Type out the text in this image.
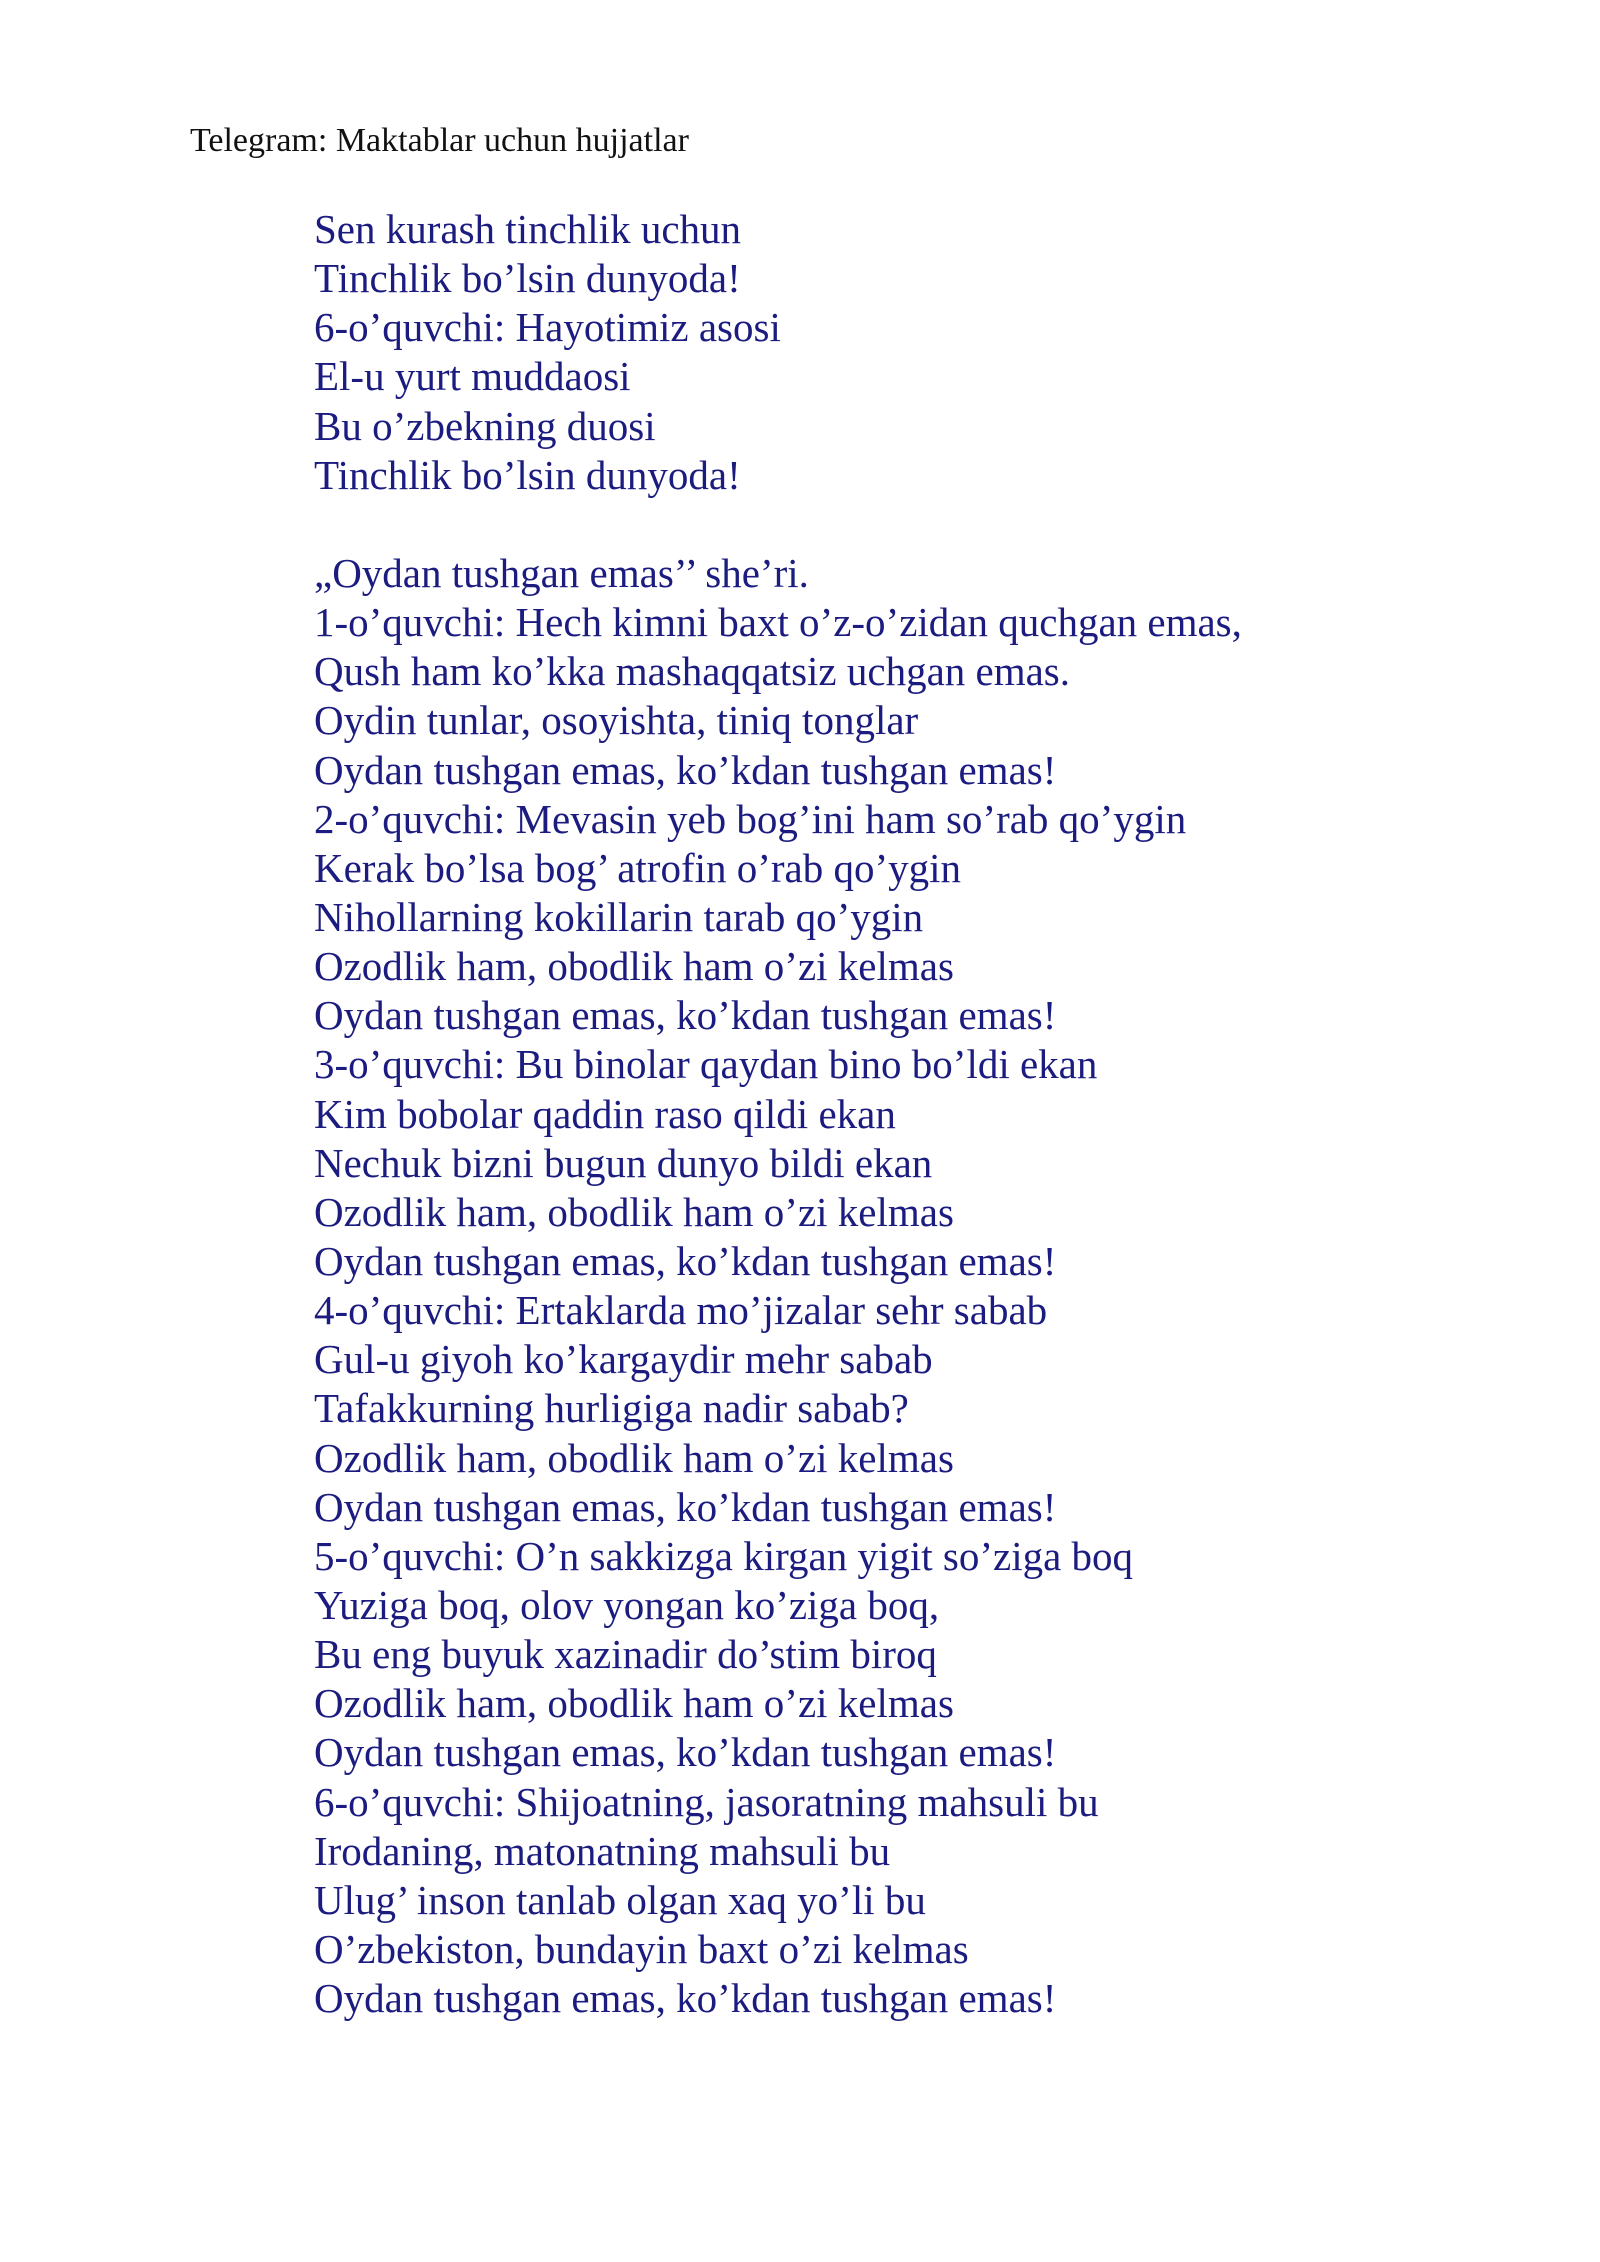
Telegram: Maktablar uchun hujjatlar
Sen kurash tinchlik uchun
Tinchlik bo’lsin dunyoda!
6-o’quvchi: Hayotimiz asosi
El-u yurt muddaosi
Bu o’zbekning duosi
Tinchlik bo’lsin dunyoda!
„Oydan tushgan emas’’ she’ri.
1-o’quvchi: Hech kimni baxt o’z-o’zidan quchgan emas,
Qush ham ko’kka mashaqqatsiz uchgan emas.
Oydin tunlar, osoyishta, tiniq tonglar
Oydan tushgan emas, ko’kdan tushgan emas!
2-o’quvchi: Mevasin yeb bog’ini ham so’rab qo’ygin
Kerak bo’lsa bog’ atrofin o’rab qo’ygin
Nihollarning kokillarin tarab qo’ygin
Ozodlik ham, obodlik ham o’zi kelmas
Oydan tushgan emas, ko’kdan tushgan emas!
3-o’quvchi: Bu binolar qaydan bino bo’ldi ekan
Kim bobolar qaddin raso qildi ekan
Nechuk bizni bugun dunyo bildi ekan
Ozodlik ham, obodlik ham o’zi kelmas
Oydan tushgan emas, ko’kdan tushgan emas!
4-o’quvchi: Ertaklarda mo’jizalar sehr sabab
Gul-u giyoh ko’kargaydir mehr sabab
Tafakkurning hurligiga nadir sabab?
Ozodlik ham, obodlik ham o’zi kelmas
Oydan tushgan emas, ko’kdan tushgan emas!
5-o’quvchi: O’n sakkizga kirgan yigit so’ziga boq
Yuziga boq, olov yongan ko’ziga boq,
Bu eng buyuk xazinadir do’stim biroq
Ozodlik ham, obodlik ham o’zi kelmas
Oydan tushgan emas, ko’kdan tushgan emas!
6-o’quvchi: Shijoatning, jasoratning mahsuli bu
Irodaning, matonatning mahsuli bu
Ulug’ inson tanlab olgan xaq yo’li bu
O’zbekiston, bundayin baxt o’zi kelmas
Oydan tushgan emas, ko’kdan tushgan emas!
